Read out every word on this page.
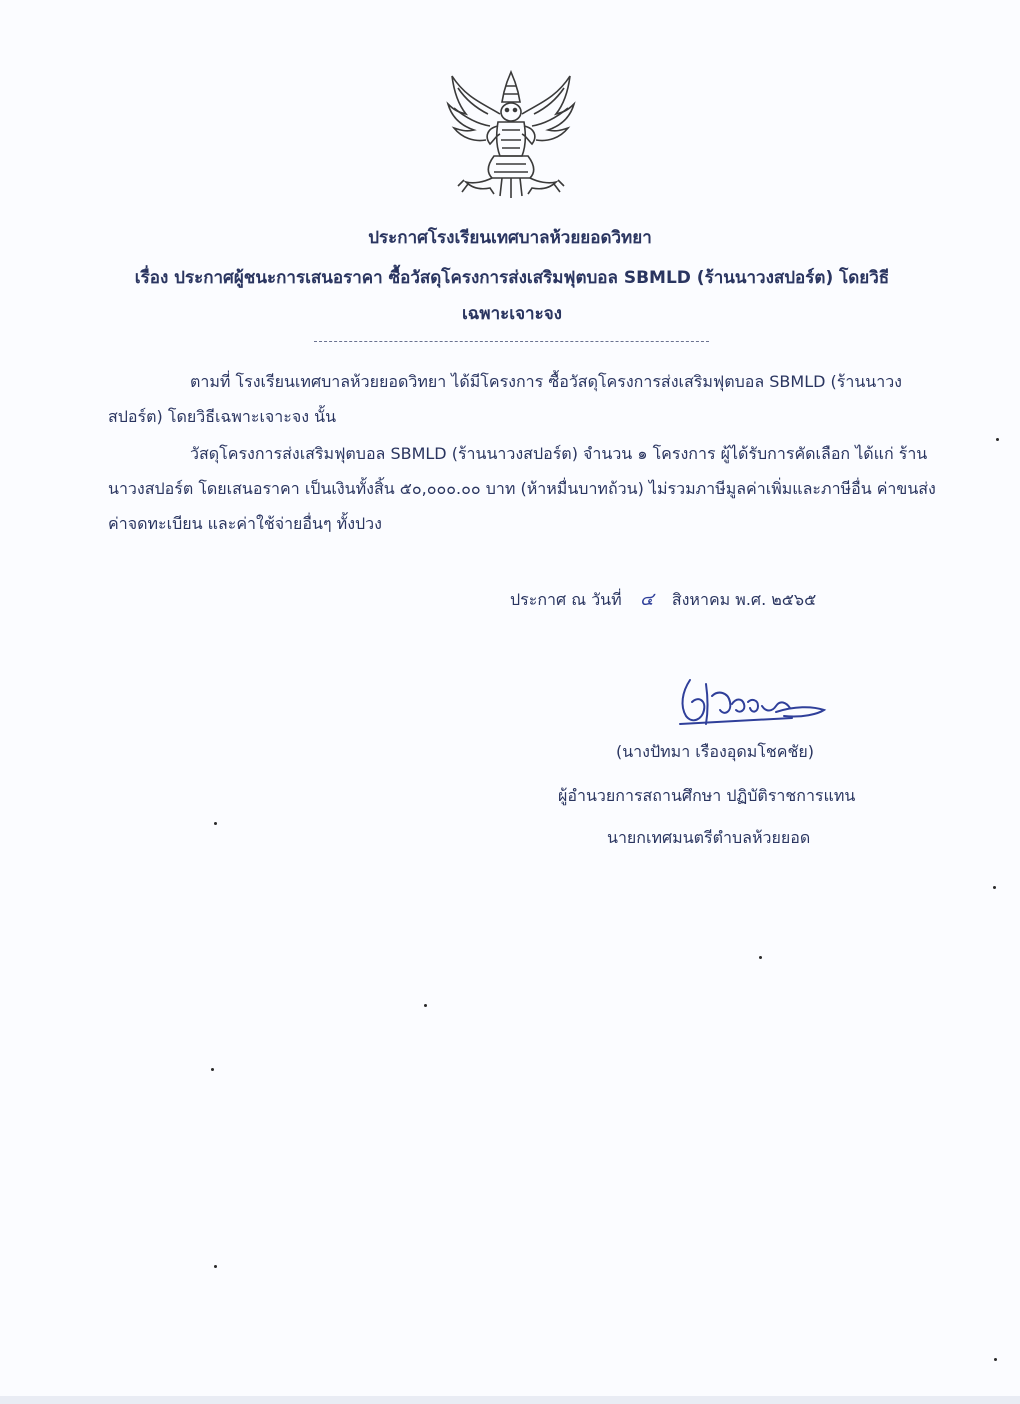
ประกาศโรงเรียนเทศบาลห้วยยอดวิทยา
เรื่อง ประกาศผู้ชนะการเสนอราคา ซื้อวัสดุโครงการส่งเสริมฟุตบอล SBMLD (ร้านนาวงสปอร์ต) โดยวิธีเฉพาะเจาะจง
ตามที่ โรงเรียนเทศบาลห้วยยอดวิทยา ได้มีโครงการ ซื้อวัสดุโครงการส่งเสริมฟุตบอล SBMLD (ร้านนาวงสปอร์ต) โดยวิธีเฉพาะเจาะจง นั้น
วัสดุโครงการส่งเสริมฟุตบอล SBMLD (ร้านนาวงสปอร์ต) จำนวน ๑ โครงการ ผู้ได้รับการคัดเลือก ได้แก่ ร้านนาวงสปอร์ต โดยเสนอราคา เป็นเงินทั้งสิ้น ๕๐,๐๐๐.๐๐ บาท (ห้าหมื่นบาทถ้วน) ไม่รวมภาษีมูลค่าเพิ่มและภาษีอื่น ค่าขนส่ง ค่าจดทะเบียน และค่าใช้จ่ายอื่นๆ ทั้งปวง
ประกาศ ณ วันที่ ๔ สิงหาคม พ.ศ. ๒๕๖๕
(นางปัทมา เรืองอุดมโชคชัย)
ผู้อำนวยการสถานศึกษา ปฏิบัติราชการแทน
นายกเทศมนตรีตำบลห้วยยอด
